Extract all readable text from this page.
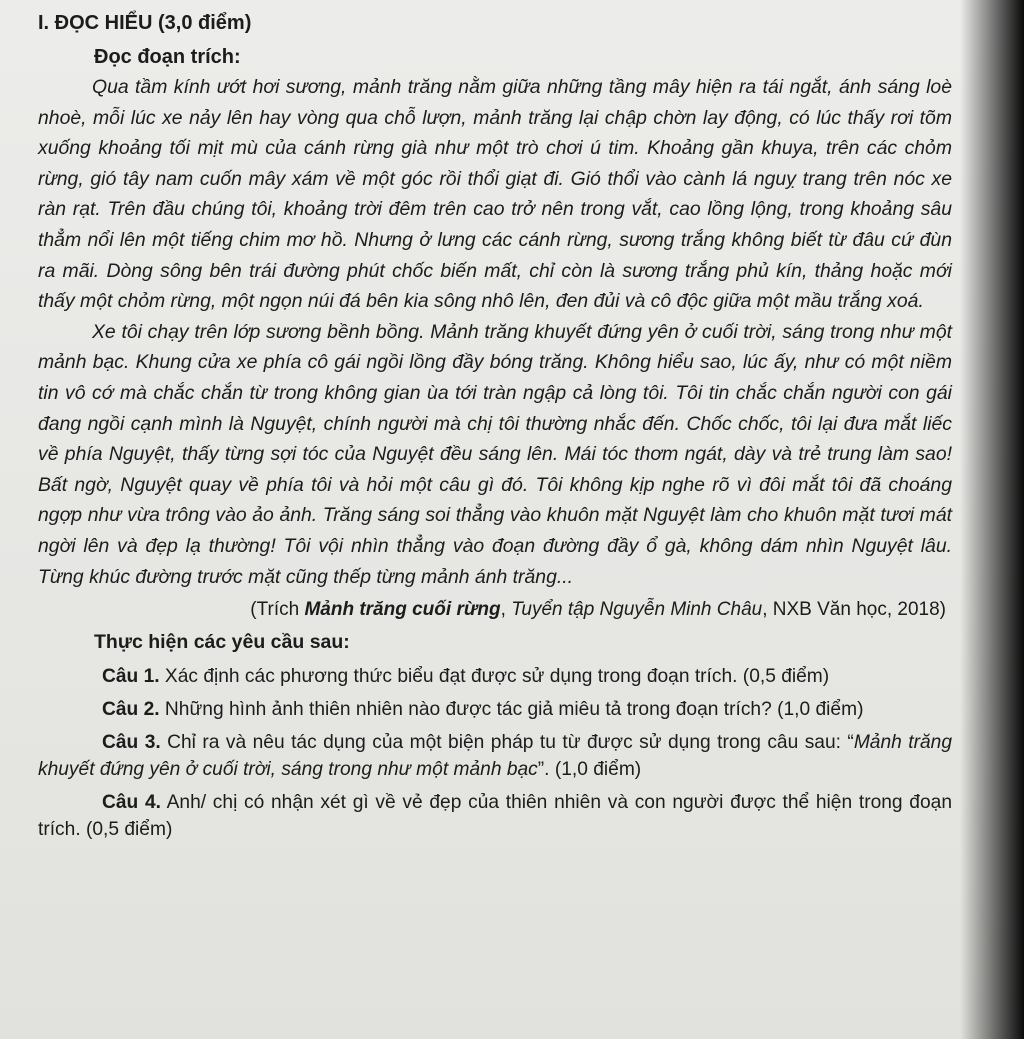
I. ĐỌC HIỂU (3,0 điểm)
Đọc đoạn trích:

Qua tầm kính ướt hơi sương, mảnh trăng nằm giữa những tầng mây hiện ra tái ngắt, ánh sáng loè nhoè, mỗi lúc xe nảy lên hay vòng qua chỗ lượn, mảnh trăng lại chập chờn lay động, có lúc thấy rơi tõm xuống khoảng tối mịt mù của cánh rừng già như một trò chơi ú tim. Khoảng gần khuya, trên các chỏm rừng, gió tây nam cuốn mây xám về một góc rồi thổi giạt đi. Gió thổi vào cành lá nguỵ trang trên nóc xe ràn rạt. Trên đầu chúng tôi, khoảng trời đêm trên cao trở nên trong vắt, cao lồng lộng, trong khoảng sâu thẳm nổi lên một tiếng chim mơ hồ. Nhưng ở lưng các cánh rừng, sương trắng không biết từ đâu cứ đùn ra mãi. Dòng sông bên trái đường phút chốc biến mất, chỉ còn là sương trắng phủ kín, thảng hoặc mới thấy một chỏm rừng, một ngọn núi đá bên kia sông nhô lên, đen đủi và cô độc giữa một mầu trắng xoá.

Xe tôi chạy trên lớp sương bềnh bồng. Mảnh trăng khuyết đứng yên ở cuối trời, sáng trong như một mảnh bạc. Khung cửa xe phía cô gái ngồi lồng đầy bóng trăng. Không hiểu sao, lúc ấy, như có một niềm tin vô cớ mà chắc chắn từ trong không gian ùa tới tràn ngập cả lòng tôi. Tôi tin chắc chắn người con gái đang ngồi cạnh mình là Nguyệt, chính người mà chị tôi thường nhắc đến. Chốc chốc, tôi lại đưa mắt liếc về phía Nguyệt, thấy từng sợi tóc của Nguyệt đều sáng lên. Mái tóc thơm ngát, dày và trẻ trung làm sao! Bất ngờ, Nguyệt quay về phía tôi và hỏi một câu gì đó. Tôi không kịp nghe rõ vì đôi mắt tôi đã choáng ngợp như vừa trông vào ảo ảnh. Trăng sáng soi thẳng vào khuôn mặt Nguyệt làm cho khuôn mặt tươi mát ngời lên và đẹp lạ thường! Tôi vội nhìn thẳng vào đoạn đường đầy ổ gà, không dám nhìn Nguyệt lâu. Từng khúc đường trước mặt cũng thếp từng mảnh ánh trăng...

(Trích Mảnh trăng cuối rừng, Tuyển tập Nguyễn Minh Châu, NXB Văn học, 2018)
Thực hiện các yêu cầu sau:

Câu 1. Xác định các phương thức biểu đạt được sử dụng trong đoạn trích. (0,5 điểm)

Câu 2. Những hình ảnh thiên nhiên nào được tác giả miêu tả trong đoạn trích? (1,0 điểm)

Câu 3. Chỉ ra và nêu tác dụng của một biện pháp tu từ được sử dụng trong câu sau: “Mảnh trăng khuyết đứng yên ở cuối trời, sáng trong như một mảnh bạc”. (1,0 điểm)

Câu 4. Anh/ chị có nhận xét gì về vẻ đẹp của thiên nhiên và con người được thể hiện trong đoạn trích. (0,5 điểm)
